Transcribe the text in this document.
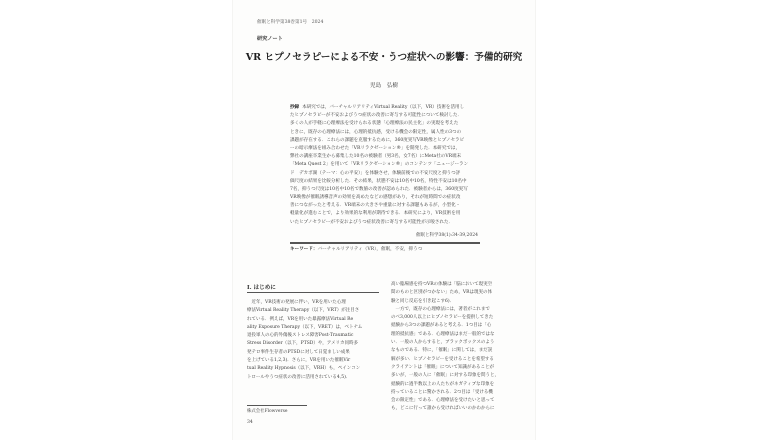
催眠と科学第38巻第1号　2024
研究ノート
VR ヒプノセラピーによる不安・うつ症状への影響：予備的研究
児島　弘樹
抄録 本研究では，バーチャルリアリティVirtual Reality（以下，VR）技術を活用し
たヒプノセラピーが不安およびうつ症状の改善に寄与する可能性について検討した．
多くの人が手軽に心理療法を受けられる状態「心理療法の民主化」の実現を考えた
ときに，既存の心理療法には，心理的抵抗感，受ける機会の限定性，属人性の3つの
課題が存在する．これらの課題を克服するために，360度実写VR映像とヒプノセラピ
ーの暗示療法を組み合わせた「VRリラクゼーション®」を開発した．本研究では，
弊社の講座卒業生から募集した10名の被験者（男3名，女7名）にMeta社のVR端末
「Meta Quest 2」を用いて「VRリラクゼーション®」のコンテンツ「ニュージーラン
ド　デカポ湖（テーマ：心の平安）」を体験させ，体験前後での不安尺度と抑うつ評
価尺度の結果を比較分析した．その結果，状態不安は10名中10名，特性不安は10名中
7名，抑うつ尺度は10名中10名で数値の改善が認められた．被験者からは，360度実写
VR映像が催眠誘導音声の効果を高めたなどの感想があり，それが短時間での症状改
善につながったと考える．VR端末の大きさや重量に対する課題もあるが，小型化・
軽量化が進むことで，より効果的な利用が期待できる．本研究により，VR技術を用
いたヒプノセラピーが不安およびうつ症状改善に寄与する可能性が示唆された．
催眠と科学38(1):34-39,2024
キーワード：バーチャルリアリティ（VR），催眠，不安，抑うつ
I. はじめに
　近年，VR技術の発展に伴い，VRを用いた心理
療法Virtual Reality Therapy（以下，VRT）が注目さ
れている．例えば，VRを用いた暴露療法Virtual Re
ality Exposure Therapy（以下，VRET）は，ベトナム
退役軍人の心的外傷後ストレス障害Post-Traumatic
Stress Disorder（以下，PTSD）や，アメリカ同時多
発テロ事件生存者のPTSDに対して日覚ましい成果
を上げている1,2,3)．さらに，VRを用いた催眠Vir
tual Reality Hypnosis（以下，VRH）も，ペインコン
トロールやうつ症状の改善に活用されている4,5)．
高い臨場感を持つVRの体験は「脳において現実空
間のものと区別がつかない」ため，VRは現実の体
験と同じ反応を引き起こす6)．
　一方で，既存の心理療法には，著者がこれまで
のべ3,000人以上にヒプノセラピーを提供してきた
経験から3つの課題があると考える．1つ目は「心
理的抵抗感」である．心理療法はまだ一般的ではな
い．一般の人からすると，ブラックボックスのよう
なものである．特に，「催眠」に関しては，まだ誤
解が多い．ヒプノセラピーを受けることを希望する
クライアントは「催眠」について知識があることが
多いが，一般の人に「催眠」に対する印象を問うと，
経験的に過半数以上の人たちがネガティブな印象を
持っていることに驚かされる．2つ目は「受ける機
会の限定性」である．心理療法を受けたいと思って
も，どこに行って誰から受ければいいのかわからに
株式会社Flowverse
34
